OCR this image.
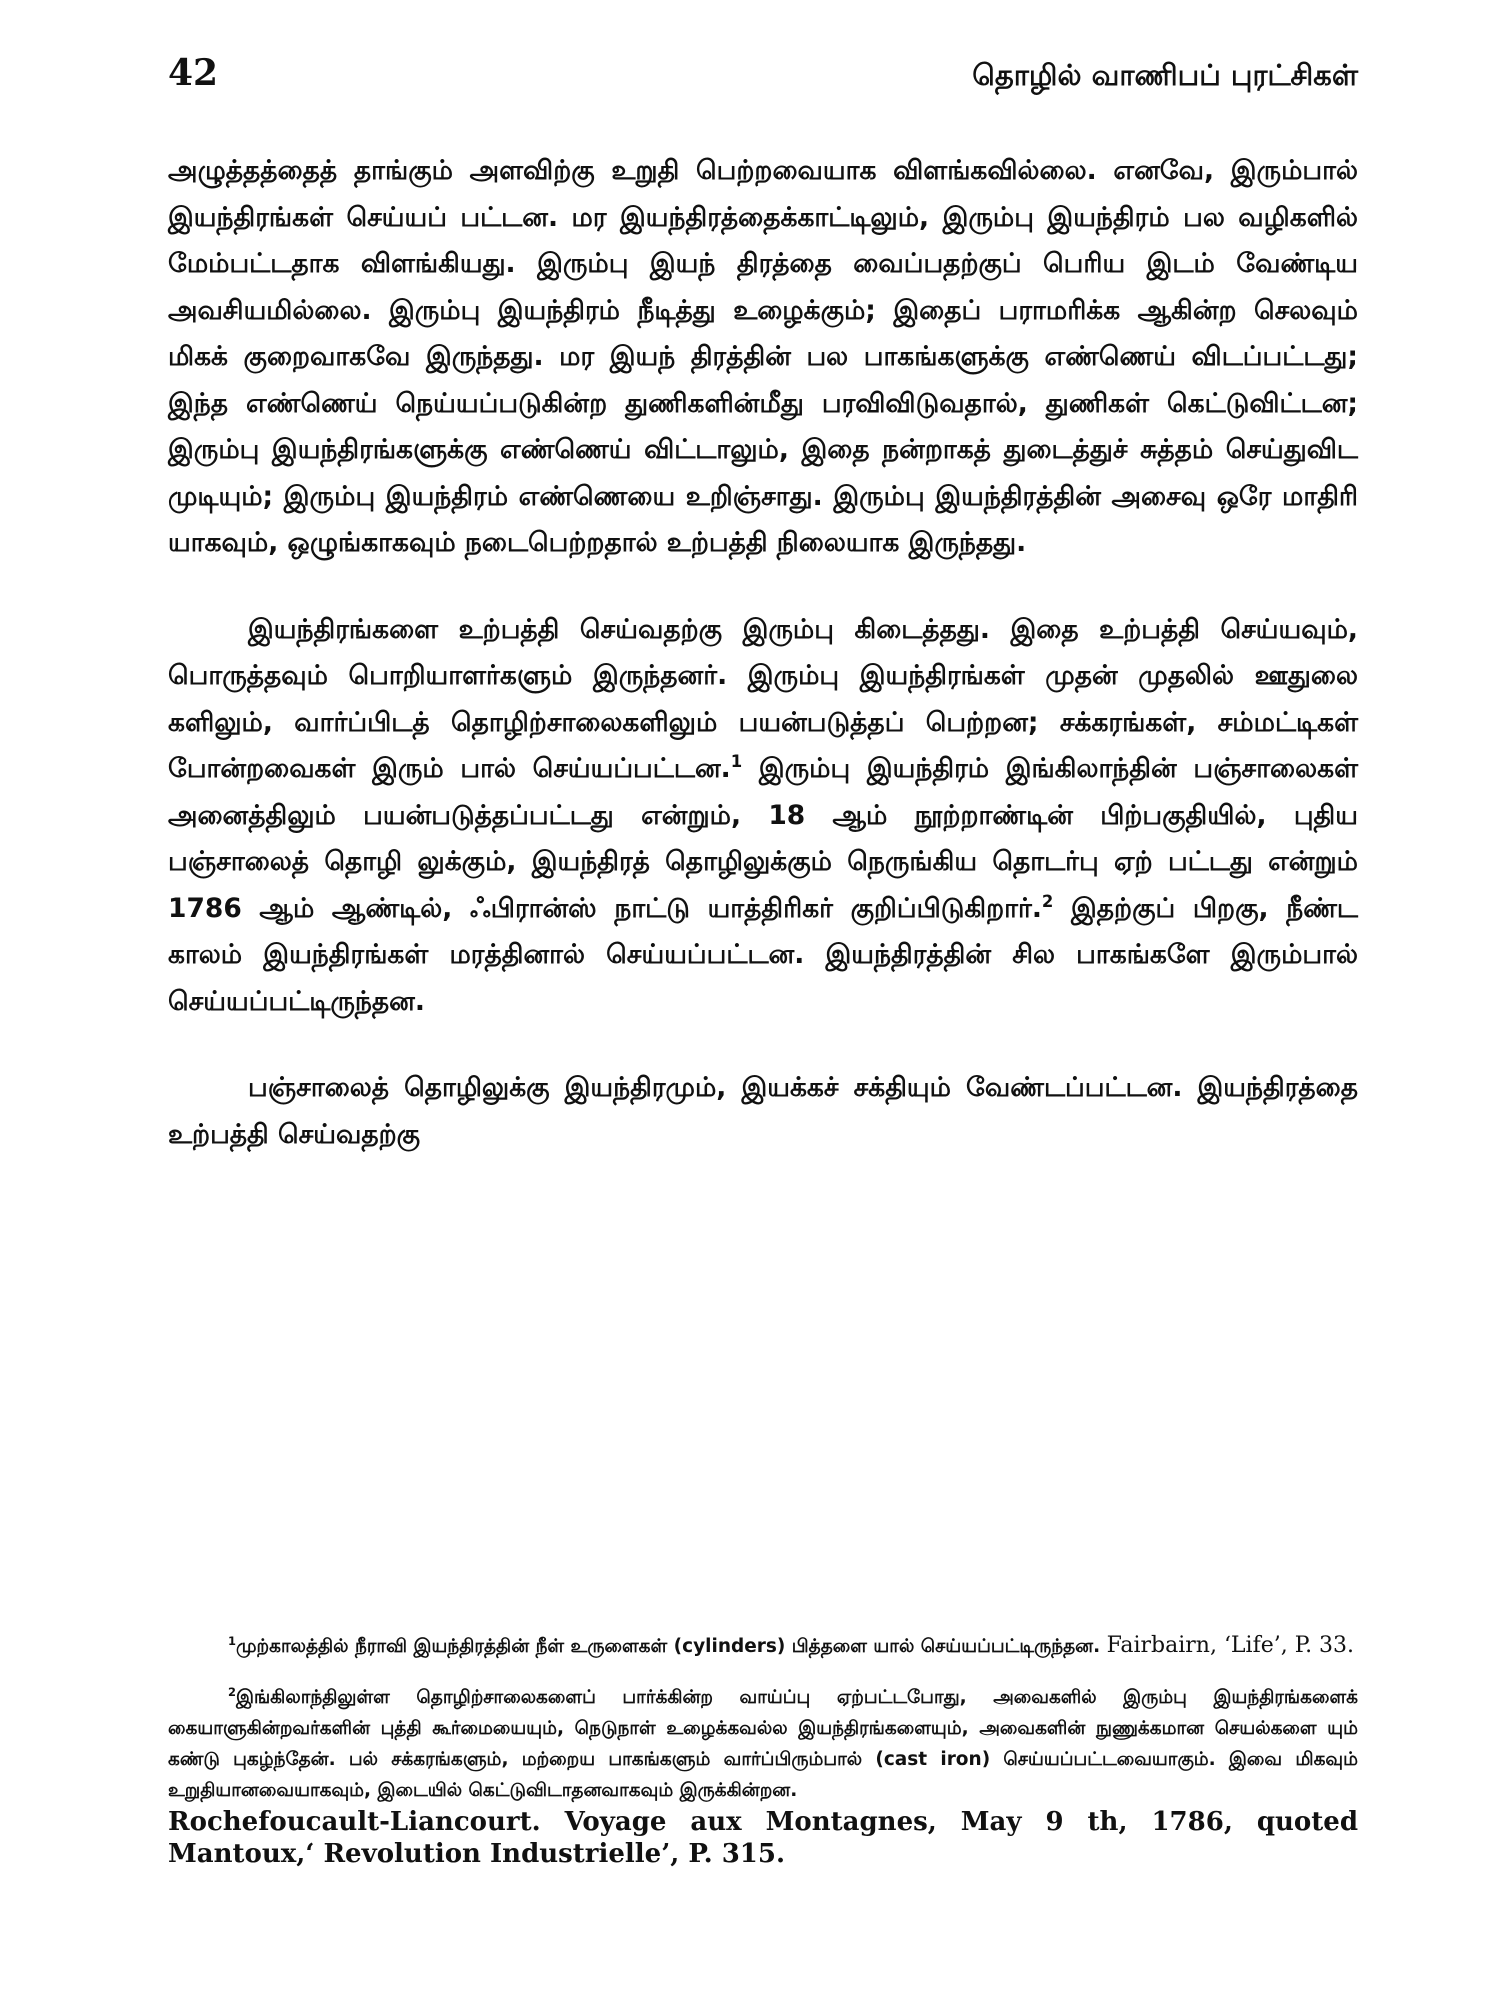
42	தொழில் வாணிபப் புரட்சிகள்

அழுத்தத்தைத் தாங்கும் அளவிற்கு உறுதி பெற்றவையாக விளங்கவில்லை. எனவே, இரும்பால் இயந்திரங்கள் செய்யப் பட்டன. மர இயந்திரத்தைக்காட்டிலும், இரும்பு இயந்திரம் பல வழிகளில் மேம்பட்டதாக விளங்கியது. இரும்பு இயந் திரத்தை வைப்பதற்குப் பெரிய இடம் வேண்டிய அவசியமில்லை. இரும்பு இயந்திரம் நீடித்து உழைக்கும்; இதைப் பராமரிக்க ஆகின்ற செலவும் மிகக் குறைவாகவே இருந்தது. மர இயந் திரத்தின் பல பாகங்களுக்கு எண்ணெய் விடப்பட்டது; இந்த எண்ணெய் நெய்யப்படுகின்ற துணிகளின்மீது பரவிவிடுவதால், துணிகள் கெட்டுவிட்டன; இரும்பு இயந்திரங்களுக்கு எண்ணெய் விட்டாலும், இதை நன்றாகத் துடைத்துச் சுத்தம் செய்துவிட முடியும்; இரும்பு இயந்திரம் எண்ணெயை உறிஞ்சாது. இரும்பு இயந்திரத்தின் அசைவு ஒரே மாதிரி யாகவும், ஒழுங்காகவும் நடைபெற்றதால் உற்பத்தி நிலையாக இருந்தது.

இயந்திரங்களை உற்பத்தி செய்வதற்கு இரும்பு கிடைத்தது. இதை உற்பத்தி செய்யவும், பொருத்தவும் பொறியாளர்களும் இருந்தனர். இரும்பு இயந்திரங்கள் முதன் முதலில் ஊதுலை களிலும், வார்ப்பிடத் தொழிற்சாலைகளிலும் பயன்படுத்தப் பெற்றன; சக்கரங்கள், சம்மட்டிகள் போன்றவைகள் இரும் பால் செய்யப்பட்டன.$^1$ இரும்பு இயந்திரம் இங்கிலாந்தின் பஞ்சாலைகள் அனைத்திலும் பயன்படுத்தப்பட்டது என்றும், 18 ஆம் நூற்றாண்டின் பிற்பகுதியில், புதிய பஞ்சாலைத் தொழி லுக்கும், இயந்திரத் தொழிலுக்கும் நெருங்கிய தொடர்பு ஏற் பட்டது என்றும் 1786 ஆம் ஆண்டில், ஃபிரான்ஸ் நாட்டு யாத்திரிகர் குறிப்பிடுகிறார்.$^2$ இதற்குப் பிறகு, நீண்ட காலம் இயந்திரங்கள் மரத்தினால் செய்யப்பட்டன. இயந்திரத்தின் சில பாகங்களே இரும்பால் செய்யப்பட்டிருந்தன.

பஞ்சாலைத் தொழிலுக்கு இயந்திரமும், இயக்கச் சக்தியும் வேண்டப்பட்டன. இயந்திரத்தை உற்பத்தி செய்வதற்கு

$^1$முற்காலத்தில் நீராவி இயந்திரத்தின் நீள் உருளைகள் (cylinders) பித்தளை யால் செய்யப்பட்டிருந்தன. Fairbairn, ‘Life’, P. 33.

$^2$இங்கிலாந்திலுள்ள தொழிற்சாலைகளைப் பார்க்கின்ற வாய்ப்பு ஏற்பட்டபோது, அவைகளில் இரும்பு இயந்திரங்களைக் கையாளுகின்றவர்களின் புத்தி கூர்மையையும், நெடுநாள் உழைக்கவல்ல இயந்திரங்களையும், அவைகளின் நுணுக்கமான செயல்களை யும் கண்டு புகழ்ந்தேன். பல் சக்கரங்களும், மற்றைய பாகங்களும் வார்ப்பிரும்பால் (cast iron) செய்யப்பட்டவையாகும். இவை மிகவும் உறுதியானவையாகவும், இடையில் கெட்டுவிடாதனவாகவும் இருக்கின்றன.
Rochefoucault-Liancourt. Voyage aux Montagnes, May 9 th, 1786, quoted Mantoux,‘ Revolution Industrielle’, P. 315.
